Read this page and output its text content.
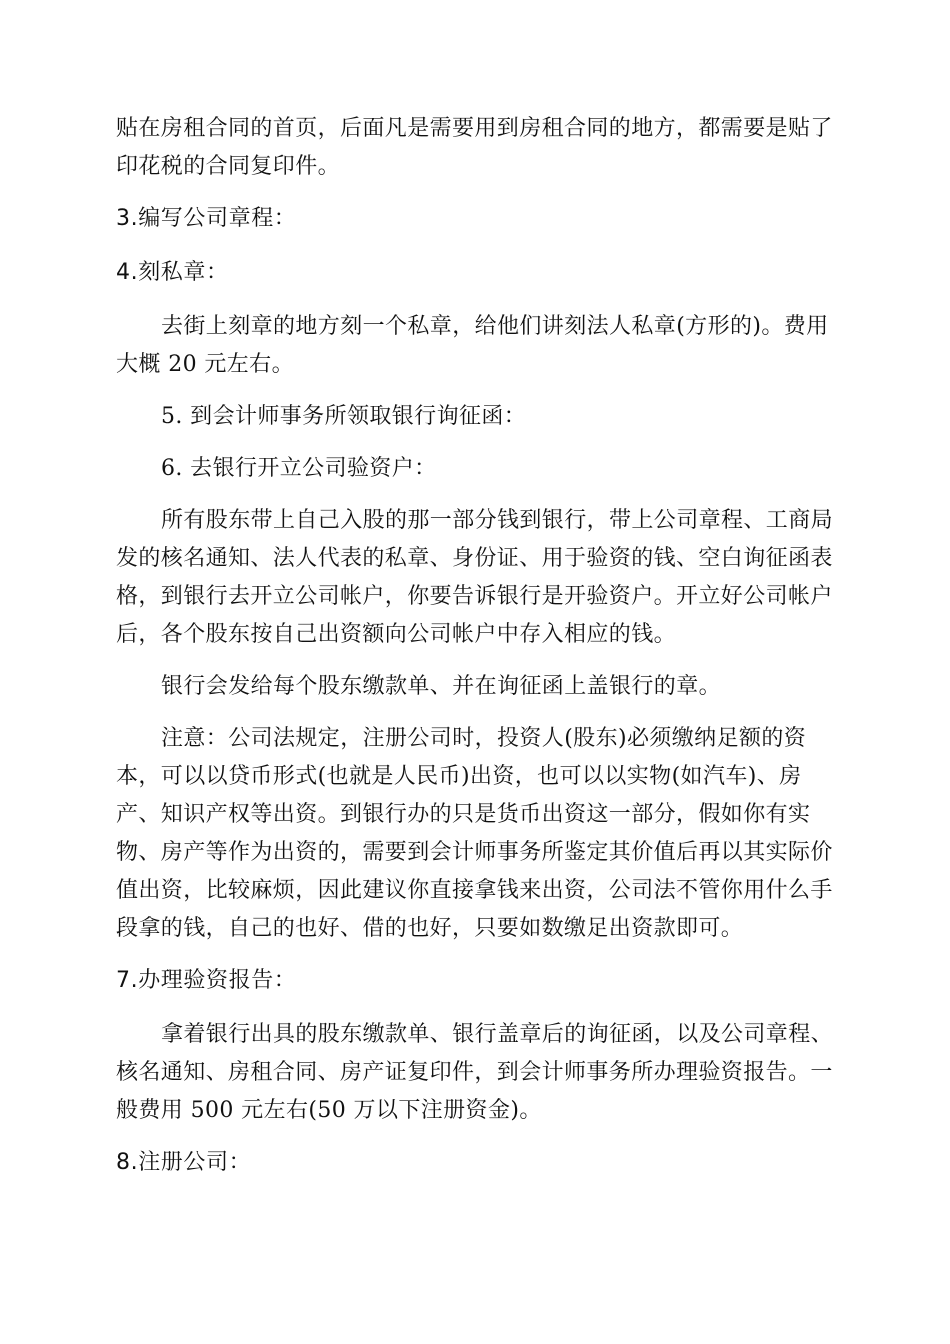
贴在房租合同的首页，后面凡是需要用到房租合同的地方，都需要是贴了印花税的合同复印件。

3.编写公司章程：

4.刻私章：

去街上刻章的地方刻一个私章，给他们讲刻法人私章(方形的)。费用大概 20 元左右。

5. 到会计师事务所领取银行询征函：

6. 去银行开立公司验资户：

所有股东带上自己入股的那一部分钱到银行，带上公司章程、工商局发的核名通知、法人代表的私章、身份证、用于验资的钱、空白询征函表格，到银行去开立公司帐户，你要告诉银行是开验资户。开立好公司帐户后，各个股东按自己出资额向公司帐户中存入相应的钱。

银行会发给每个股东缴款单、并在询征函上盖银行的章。

注意：公司法规定，注册公司时，投资人(股东)必须缴纳足额的资本，可以以贷币形式(也就是人民币)出资，也可以以实物(如汽车)、房产、知识产权等出资。到银行办的只是货币出资这一部分，假如你有实物、房产等作为出资的，需要到会计师事务所鉴定其价值后再以其实际价值出资，比较麻烦，因此建议你直接拿钱来出资，公司法不管你用什么手段拿的钱，自己的也好、借的也好，只要如数缴足出资款即可。

7.办理验资报告：

拿着银行出具的股东缴款单、银行盖章后的询征函，以及公司章程、核名通知、房租合同、房产证复印件，到会计师事务所办理验资报告。一般费用 500 元左右(50 万以下注册资金)。

8.注册公司：
